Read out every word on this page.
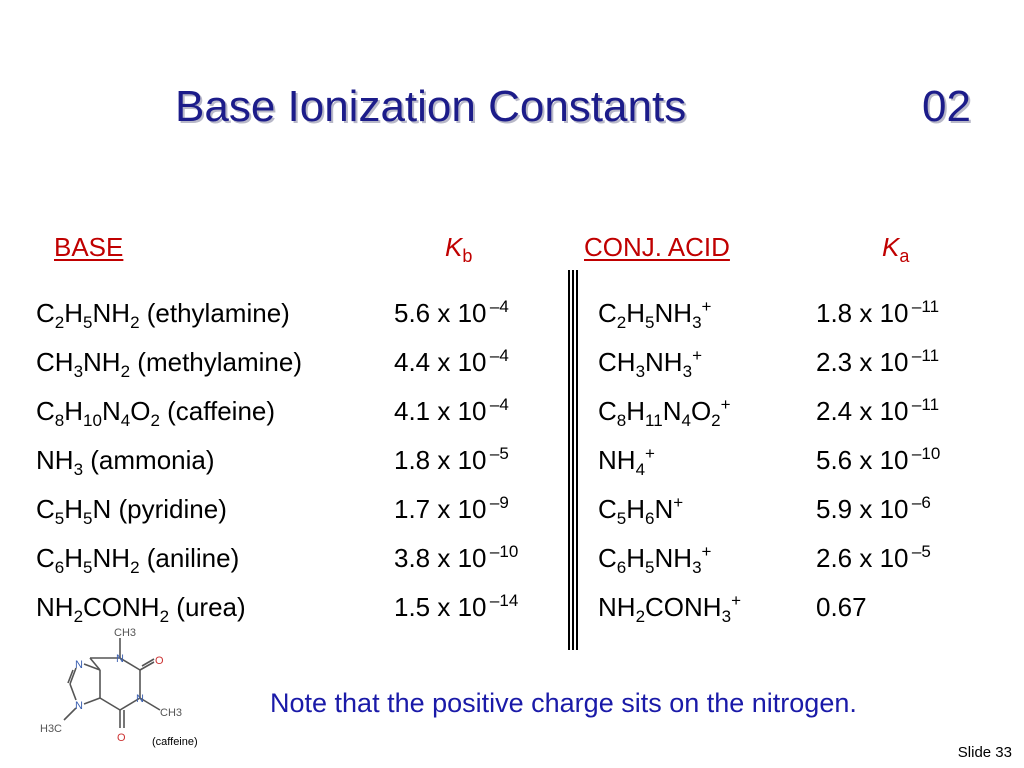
Base Ionization Constants	02
BASE	$K_b$	CONJ. ACID	$K_a$
$C_2H_5NH_2$ (ethylamine)	5.6 x 10 $^{-4}$	$C_2H_5NH_3^+$	1.8 x 10 $^{-11}$
$CH_3NH_2$ (methylamine)	4.4 x 10 $^{-4}$	$CH_3NH_3^+$	2.3 x 10 $^{-11}$
$C_8H_{10}N_4O_2$ (caffeine)	4.1 x 10 $^{-4}$	$C_8H_{11}N_4O_2^+$	2.4 x 10 $^{-11}$
$NH_3$ (ammonia)	1.8 x 10 $^{-5}$	$NH_4^+$	5.6 x 10 $^{-10}$
$C_5H_5N$ (pyridine)	1.7 x 10 $^{-9}$	$C_5H_6N^+$	5.9 x 10 $^{-6}$
$C_6H_5NH_2$ (aniline)	3.8 x 10 $^{-10}$	$C_6H_5NH_3^+$	2.6 x 10 $^{-5}$
$NH_2CONH_2$ (urea)	1.5 x 10 $^{-14}$	$NH_2CONH_3^+$	0.67
CH3
N	O
N
CH3
N
N
O
H3C
(caffeine)
Note that the positive charge sits on the nitrogen.
Slide 33
